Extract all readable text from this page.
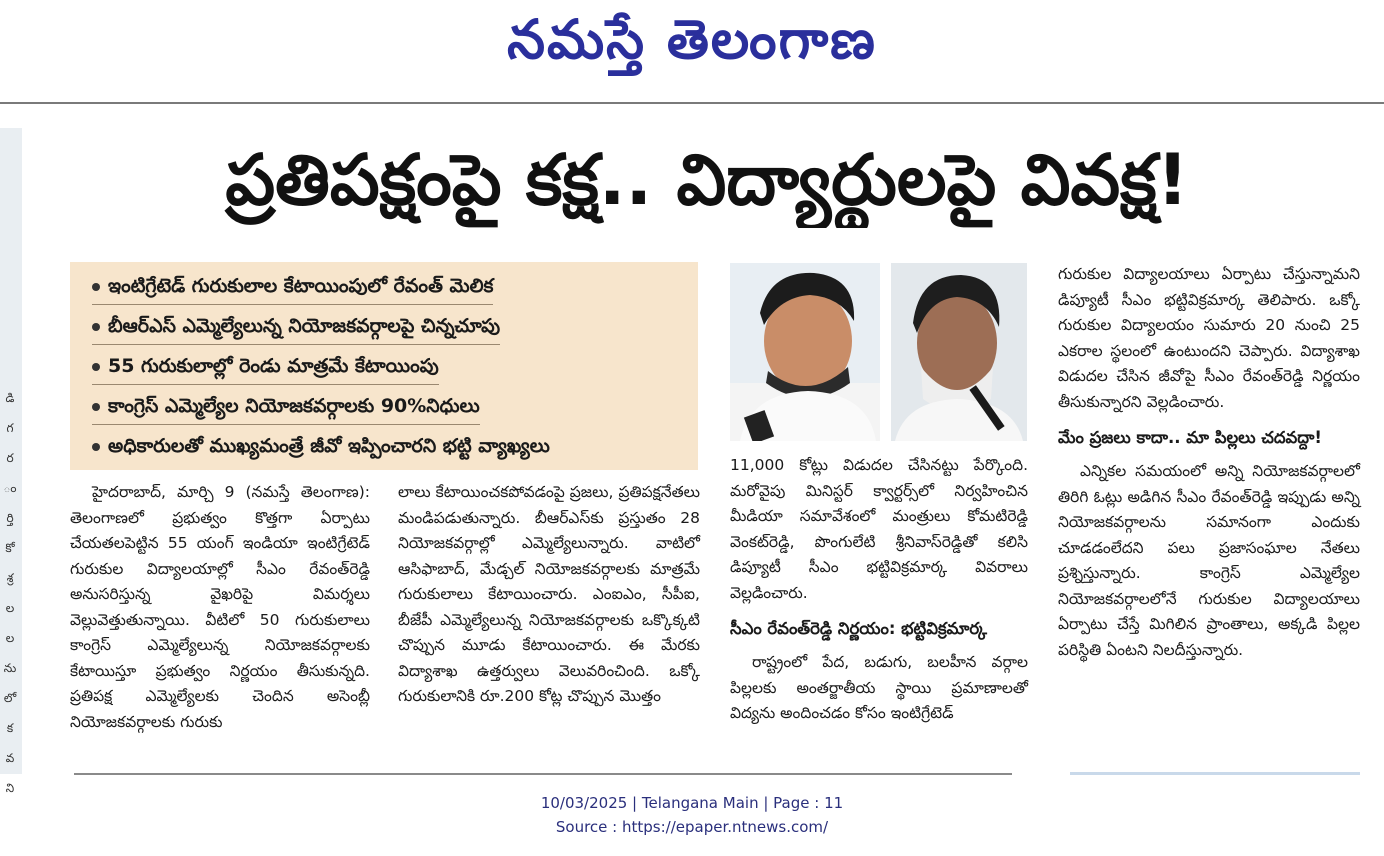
నమస్తే తెలంగాణ
డి
గ
ర
ం
ర్తి
కో
శ్ర
ల
ల
ను
లో
క
వ
ని
ప్రతిపక్షంపై కక్ష.. విద్యార్థులపై వివక్ష!
ఇంటిగ్రేటెడ్ గురుకులాల కేటాయింపులో రేవంత్ మెలిక
బీఆర్ఎస్ ఎమ్మెల్యేలున్న నియోజకవర్గాలపై చిన్నచూపు
55 గురుకులాల్లో రెండు మాత్రమే కేటాయింపు
కాంగ్రెస్ ఎమ్మెల్యేల నియోజకవర్గాలకు 90%నిధులు
అధికారులతో ముఖ్యమంత్రే జీవో ఇప్పించారని భట్టి వ్యాఖ్యలు

హైదరాబాద్, మార్చి 9 (నమస్తే తెలంగాణ): తెలంగాణలో ప్రభుత్వం కొత్తగా ఏర్పాటు చేయతలపెట్టిన 55 యంగ్ ఇండియా ఇంటిగ్రేటెడ్ గురుకుల విద్యాలయాల్లో సీఎం రేవంత్‌రెడ్డి అనుసరిస్తున్న వైఖరిపై విమర్శలు వెల్లువెత్తుతున్నాయి. వీటిలో 50 గురుకులాలు కాంగ్రెస్ ఎమ్మెల్యేలున్న నియోజకవర్గాలకు కేటాయిస్తూ ప్రభుత్వం నిర్ణయం తీసుకున్నది. ప్రతిపక్ష ఎమ్మెల్యేలకు చెందిన అసెంబ్లీ నియోజకవర్గాలకు గురుకు

లాలు కేటాయించకపోవడంపై ప్రజలు, ప్రతిపక్షనేతలు మండిపడుతున్నారు. బీఆర్ఎస్‌కు ప్రస్తుతం 28 నియోజకవర్గాల్లో ఎమ్మెల్యేలున్నారు. వాటిలో ఆసిఫాబాద్, మేడ్చల్ నియోజకవర్గాలకు మాత్రమే గురుకులాలు కేటాయించారు. ఎంఐఎం, సీపీఐ, బీజేపీ ఎమ్మెల్యేలున్న నియోజకవర్గాలకు ఒక్కొక్కటి చొప్పున మూడు కేటాయించారు. ఈ మేరకు విద్యాశాఖ ఉత్తర్వులు వెలువరించింది. ఒక్కో గురుకులానికి రూ.200 కోట్ల చొప్పున మొత్తం

11,000 కోట్లు విడుదల చేసినట్టు పేర్కొంది. మరోవైపు మినిస్టర్ క్వార్టర్స్‌లో నిర్వహించిన మీడియా సమావేశంలో మంత్రులు కోమటిరెడ్డి వెంకట్‌రెడ్డి, పొంగులేటి శ్రీనివాస్‌రెడ్డితో కలిసి డిప్యూటీ సీఎం భట్టివిక్రమార్క వివరాలు వెల్లడించారు.

సీఎం రేవంత్‌రెడ్డి నిర్ణయం: భట్టివిక్రమార్క

రాష్ట్రంలో పేద, బడుగు, బలహీన వర్గాల పిల్లలకు అంతర్జాతీయ స్థాయి ప్రమాణాలతో విద్యను అందించడం కోసం ఇంటిగ్రేటెడ్

గురుకుల విద్యాలయాలు ఏర్పాటు చేస్తున్నామని డిప్యూటీ సీఎం భట్టివిక్రమార్క తెలిపారు. ఒక్కో గురుకుల విద్యాలయం సుమారు 20 నుంచి 25 ఎకరాల స్థలంలో ఉంటుందని చెప్పారు. విద్యాశాఖ విడుదల చేసిన జీవోపై సీఎం రేవంత్‌రెడ్డి నిర్ణయం తీసుకున్నారని వెల్లడించారు.

మేం ప్రజలు కాదా.. మా పిల్లలు చదవద్దా!

ఎన్నికల సమయంలో అన్ని నియోజకవర్గాలలో తిరిగి ఓట్లు అడిగిన సీఎం రేవంత్‌రెడ్డి ఇప్పుడు అన్ని నియోజకవర్గాలను సమానంగా ఎందుకు చూడడంలేదని పలు ప్రజాసంఘాల నేతలు ప్రశ్నిస్తున్నారు. కాంగ్రెస్ ఎమ్మెల్యేల నియోజకవర్గాలలోనే గురుకుల విద్యాలయాలు ఏర్పాటు చేస్తే మిగిలిన ప్రాంతాలు, అక్కడి పిల్లల పరిస్థితి ఏంటని నిలదీస్తున్నారు.

10/03/2025 | Telangana Main | Page : 11
Source : https://epaper.ntnews.com/
